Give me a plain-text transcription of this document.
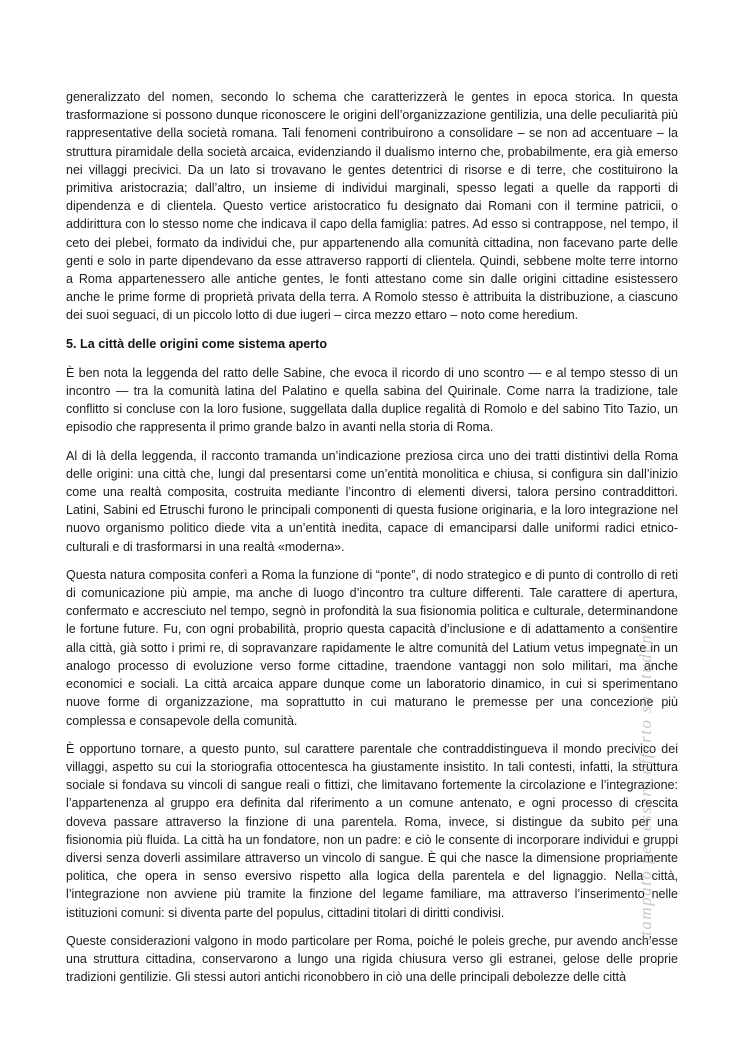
generalizzato del nomen, secondo lo schema che caratterizzerà le gentes in epoca storica. In questa trasformazione si possono dunque riconoscere le origini dell’organizzazione gentilizia, una delle peculiarità più rappresentative della società romana. Tali fenomeni contribuirono a consolidare – se non ad accentuare – la struttura piramidale della società arcaica, evidenziando il dualismo interno che, probabilmente, era già emerso nei villaggi precivici. Da un lato si trovavano le gentes detentrici di risorse e di terre, che costituirono la primitiva aristocrazia; dall’altro, un insieme di individui marginali, spesso legati a quelle da rapporti di dipendenza e di clientela. Questo vertice aristocratico fu designato dai Romani con il termine patricii, o addirittura con lo stesso nome che indicava il capo della famiglia: patres. Ad esso si contrappose, nel tempo, il ceto dei plebei, formato da individui che, pur appartenendo alla comunità cittadina, non facevano parte delle genti e solo in parte dipendevano da esse attraverso rapporti di clientela. Quindi, sebbene molte terre intorno a Roma appartenessero alle antiche gentes, le fonti attestano come sin dalle origini cittadine esistessero anche le prime forme di proprietà privata della terra. A Romolo stesso è attribuita la distribuzione, a ciascuno dei suoi seguaci, di un piccolo lotto di due iugeri – circa mezzo ettaro – noto come heredium.

5. La città delle origini come sistema aperto

È ben nota la leggenda del ratto delle Sabine, che evoca il ricordo di uno scontro — e al tempo stesso di un incontro — tra la comunità latina del Palatino e quella sabina del Quirinale. Come narra la tradizione, tale conflitto si concluse con la loro fusione, suggellata dalla duplice regalità di Romolo e del sabino Tito Tazio, un episodio che rappresenta il primo grande balzo in avanti nella storia di Roma.

Al di là della leggenda, il racconto tramanda un’indicazione preziosa circa uno dei tratti distintivi della Roma delle origini: una città che, lungi dal presentarsi come un’entità monolitica e chiusa, si configura sin dall’inizio come una realtà composita, costruita mediante l’incontro di elementi diversi, talora persino contraddittori. Latini, Sabini ed Etruschi furono le principali componenti di questa fusione originaria, e la loro integrazione nel nuovo organismo politico diede vita a un’entità inedita, capace di emanciparsi dalle uniformi radici etnico-culturali e di trasformarsi in una realtà «moderna».

Questa natura composita conferì a Roma la funzione di “ponte”, di nodo strategico e di punto di controllo di reti di comunicazione più ampie, ma anche di luogo d’incontro tra culture differenti. Tale carattere di apertura, confermato e accresciuto nel tempo, segnò in profondità la sua fisionomia politica e culturale, determinandone le fortune future. Fu, con ogni probabilità, proprio questa capacità d’inclusione e di adattamento a consentire alla città, già sotto i primi re, di sopravanzare rapidamente le altre comunità del Latium vetus impegnate in un analogo processo di evoluzione verso forme cittadine, traendone vantaggi non solo militari, ma anche economici e sociali. La città arcaica appare dunque come un laboratorio dinamico, in cui si sperimentano nuove forme di organizzazione, ma soprattutto in cui maturano le premesse per una concezione più complessa e consapevole della comunità.

È opportuno tornare, a questo punto, sul carattere parentale che contraddistingueva il mondo precivico dei villaggi, aspetto su cui la storiografia ottocentesca ha giustamente insistito. In tali contesti, infatti, la struttura sociale si fondava su vincoli di sangue reali o fittizi, che limitavano fortemente la circolazione e l’integrazione: l’appartenenza al gruppo era definita dal riferimento a un comune antenato, e ogni processo di crescita doveva passare attraverso la finzione di una parentela. Roma, invece, si distingue da subito per una fisionomia più fluida. La città ha un fondatore, non un padre: e ciò le consente di incorporare individui e gruppi diversi senza doverli assimilare attraverso un vincolo di sangue. È qui che nasce la dimensione propriamente politica, che opera in senso eversivo rispetto alla logica della parentela e del lignaggio. Nella città, l’integrazione non avviene più tramite la finzione del legame familiare, ma attraverso l’inserimento nelle istituzioni comuni: si diventa parte del populus, cittadini titolari di diritti condivisi.

Queste considerazioni valgono in modo particolare per Roma, poiché le poleis greche, pur avendo anch’esse una struttura cittadina, conservarono a lungo una rigida chiusura verso gli estranei, gelose delle proprie tradizioni gentilizie. Gli stessi autori antichi riconobbero in ciò una delle principali debolezze delle città

stampato per essere offerto su Studenti
